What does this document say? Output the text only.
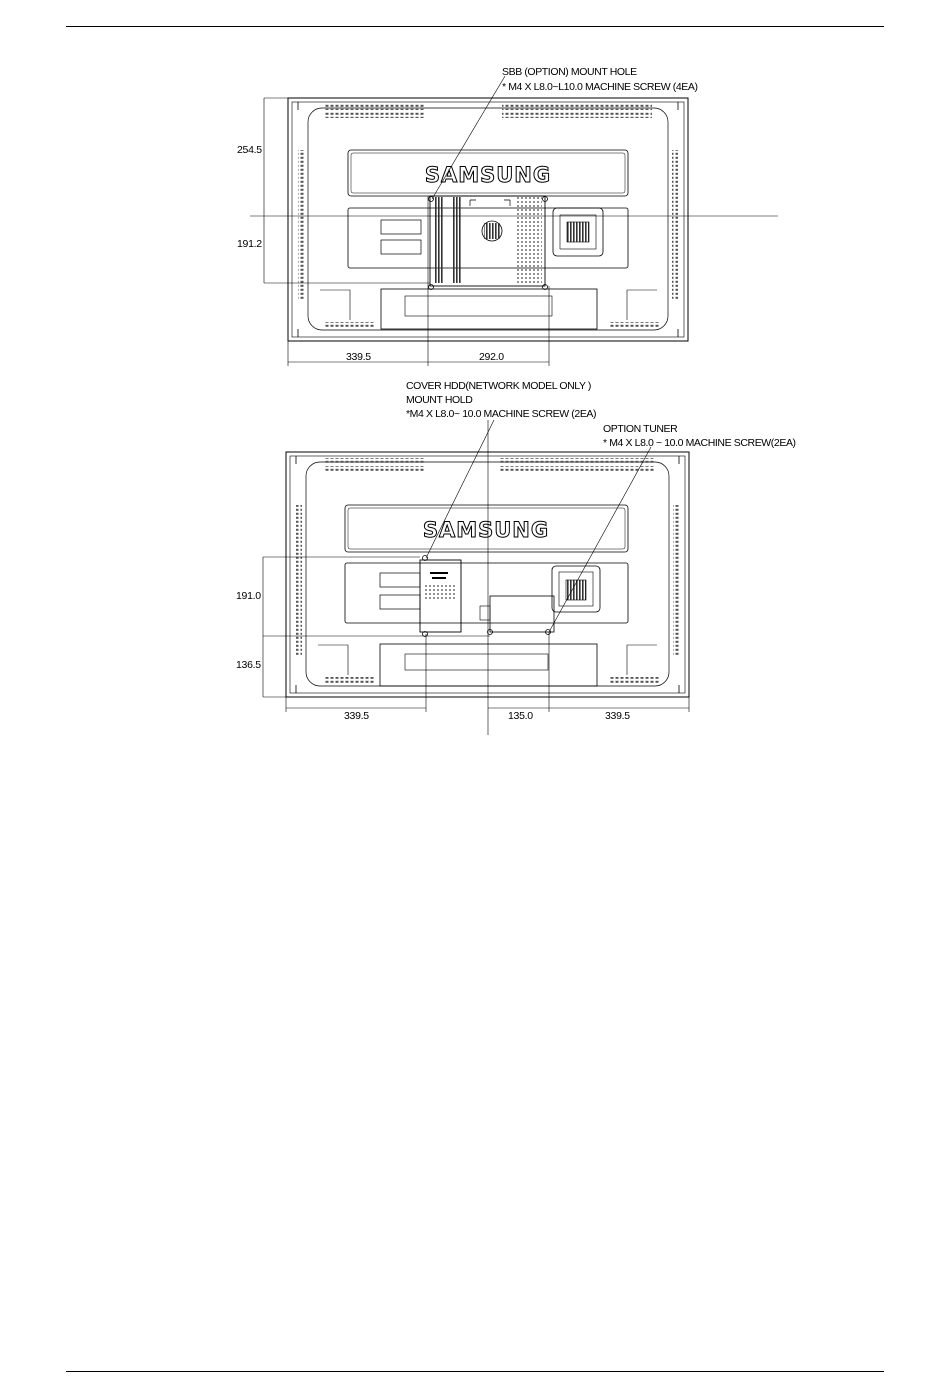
SAMSUNG
SBB (OPTION) MOUNT HOLE
* M4 X L8.0~L10.0 MACHINE SCREW (4EA)
254.5
191.2
339.5	292.0
SAMSUNG
COVER HDD(NETWORK MODEL ONLY )
MOUNT HOLD
*M4 X L8.0~ 10.0 MACHINE SCREW (2EA)
OPTION TUNER
* M4 X L8.0 ~ 10.0 MACHINE SCREW(2EA)
191.0
136.5
339.5	135.0	339.5
